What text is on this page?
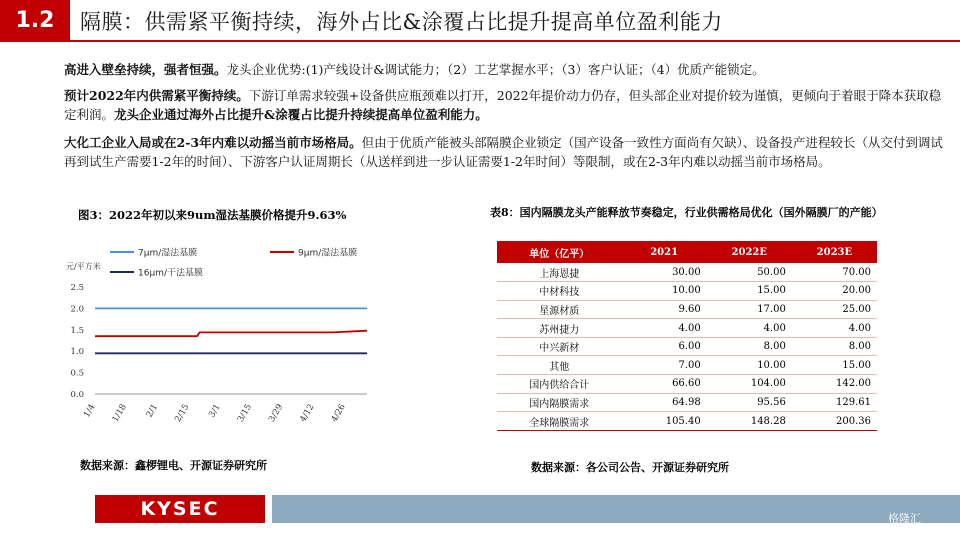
1.2	隔膜：供需紧平衡持续，海外占比&涂覆占比提升提高单位盈利能力
高进入壁垒持续，强者恒强。龙头企业优势:(1)产线设计&调试能力；（2）工艺掌握水平；（3）客户认证；（4）优质产能锁定。
预计2022年内供需紧平衡持续。下游订单需求较强+设备供应瓶颈难以打开，2022年提价动力仍存，但头部企业对提价较为谨慎，更倾向于着眼于降本获取稳定利润。龙头企业通过海外占比提升&涂覆占比提升持续提高单位盈利能力。
大化工企业入局或在2-3年内难以动摇当前市场格局。但由于优质产能被头部隔膜企业锁定（国产设备一致性方面尚有欠缺）、设备投产进程较长（从交付到调试再到试生产需要1-2年的时间）、下游客户认证周期长（从送样到进一步认证需要1-2年时间）等限制，或在2-3年内难以动摇当前市场格局。
图3：2022年初以来9um湿法基膜价格提升9.63%	表8：国内隔膜龙头产能释放节奏稳定，行业供需格局优化（国外隔膜厂的产能）
7μm/湿法基膜	9μm/湿法基膜
16μm/干法基膜
元/平方米
0.0
0.5
1.0
1.5
2.0
2.5
1/4 1/18 2/1 2/15 3/1 3/15 3/29 4/12 4/26
单位（亿平）	2021	2022E	2023E
上海恩捷	30.00	50.00	70.00
中材科技	10.00	15.00	20.00
星源材质	9.60	17.00	25.00
苏州捷力	4.00	4.00	4.00
中兴新材	6.00	8.00	8.00
其他	7.00	10.00	15.00
国内供给合计	66.60	104.00	142.00
国内隔膜需求	64.98	95.56	129.61
全球隔膜需求	105.40	148.28	200.36
数据来源：鑫椤锂电、开源证券研究所	数据来源：各公司公告、开源证券研究所
KYSEC	格隆汇
